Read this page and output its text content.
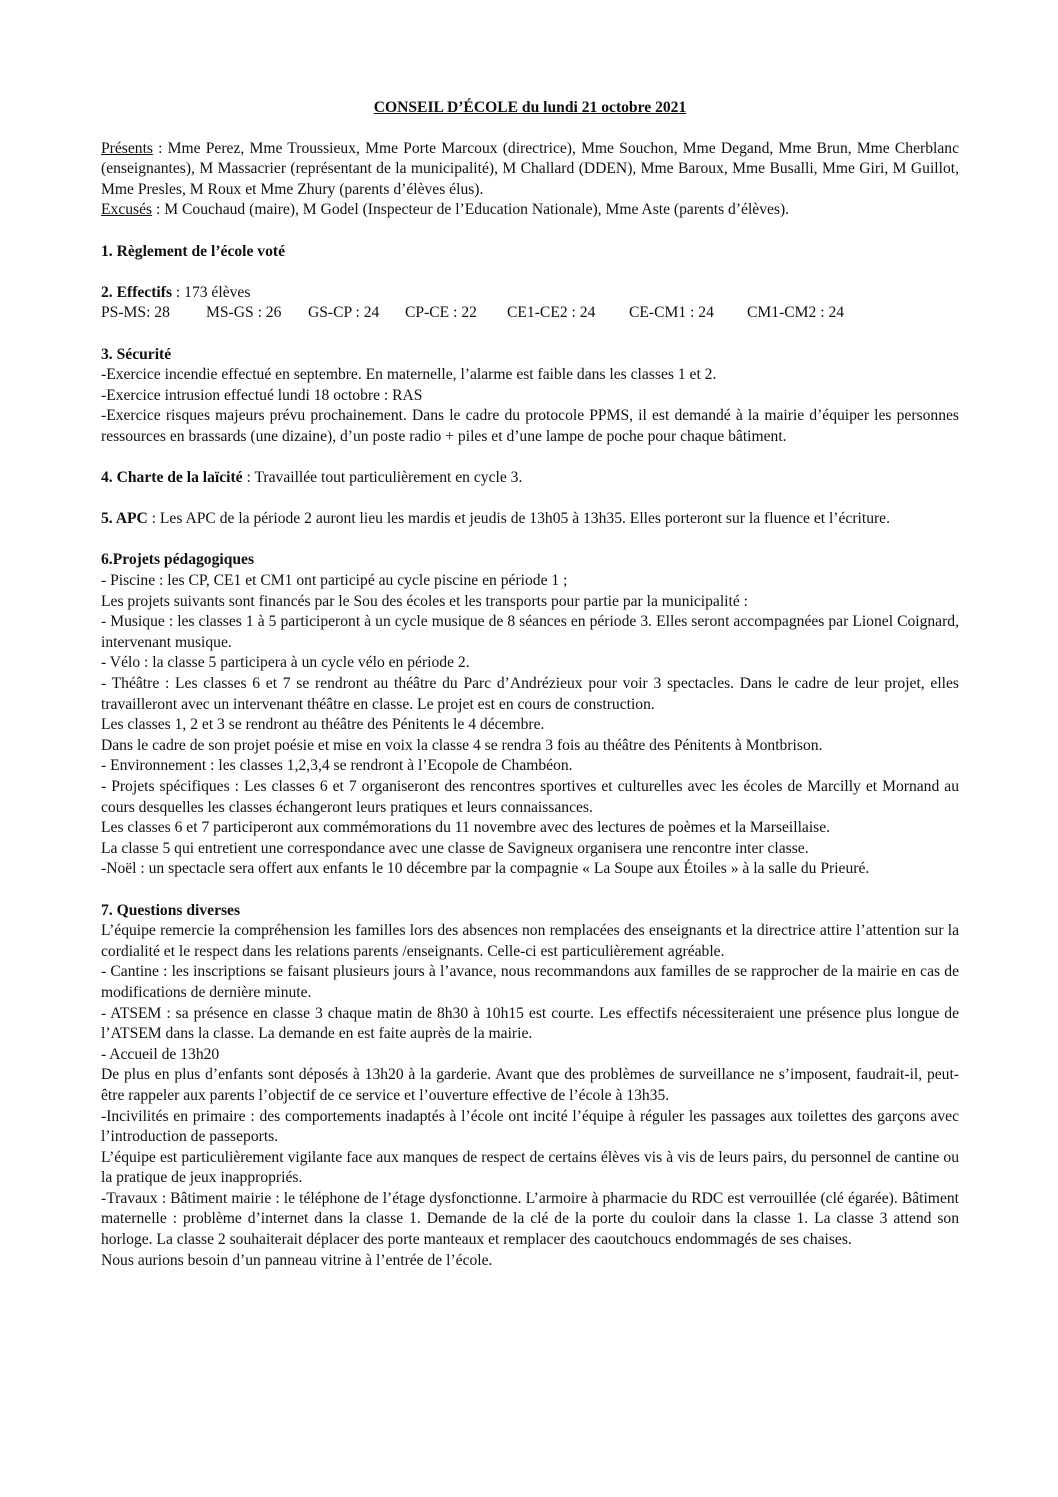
CONSEIL D’ÉCOLE du lundi 21 octobre 2021
Présents : Mme Perez, Mme Troussieux, Mme Porte Marcoux (directrice), Mme Souchon, Mme Degand, Mme Brun, Mme Cherblanc (enseignantes), M Massacrier (représentant de la municipalité), M Challard (DDEN), Mme Baroux, Mme Busalli, Mme Giri, M Guillot, Mme Presles, M Roux et Mme Zhury (parents d’élèves élus).
Excusés : M Couchaud (maire), M Godel (Inspecteur de l’Education Nationale), Mme Aste (parents d’élèves).
1. Règlement de l’école voté
2. Effectifs : 173 élèves
PS-MS: 28	MS-GS : 26	GS-CP : 24	CP-CE : 22	CE1-CE2 : 24	CE-CM1 : 24	CM1-CM2 : 24
3. Sécurité
-Exercice incendie effectué en septembre. En maternelle, l’alarme est faible dans les classes 1 et 2.
-Exercice intrusion effectué lundi 18 octobre : RAS
-Exercice risques majeurs prévu prochainement. Dans le cadre du protocole PPMS, il est demandé à la mairie d’équiper les personnes ressources en brassards (une dizaine), d’un poste radio + piles et d’une lampe de poche pour chaque bâtiment.
4. Charte de la laïcité : Travaillée tout particulièrement en cycle 3.
5. APC : Les APC de la période 2 auront lieu les mardis et jeudis de 13h05 à 13h35. Elles porteront sur la fluence et l’écriture.
6.Projets pédagogiques
- Piscine : les CP, CE1 et CM1 ont participé au cycle piscine en période 1 ;
Les projets suivants sont financés par le Sou des écoles et les transports pour partie par la municipalité :
- Musique : les classes 1 à 5 participeront à un cycle musique de 8 séances en période 3. Elles seront accompagnées par Lionel Coignard, intervenant musique.
- Vélo : la classe 5 participera à un cycle vélo en période 2.
- Théâtre : Les classes 6 et 7 se rendront au théâtre du Parc d’Andrézieux pour voir 3 spectacles. Dans le cadre de leur projet, elles travailleront avec un intervenant théâtre en classe. Le projet est en cours de construction.
Les classes 1, 2 et 3 se rendront au théâtre des Pénitents le 4 décembre.
Dans le cadre de son projet poésie et mise en voix la classe 4 se rendra 3 fois au théâtre des Pénitents à Montbrison.
- Environnement : les classes 1,2,3,4 se rendront à l’Ecopole de Chambéon.
- Projets spécifiques : Les classes 6 et 7 organiseront des rencontres sportives et culturelles avec les écoles de Marcilly et Mornand au cours desquelles les classes échangeront leurs pratiques et leurs connaissances.
Les classes 6 et 7 participeront aux commémorations du 11 novembre avec des lectures de poèmes et la Marseillaise.
La classe 5 qui entretient une correspondance avec une classe de Savigneux organisera une rencontre inter classe.
-Noël : un spectacle sera offert aux enfants le 10 décembre par la compagnie « La Soupe aux Étoiles » à la salle du Prieuré.
7. Questions diverses
L’équipe remercie la compréhension les familles lors des absences non remplacées des enseignants et la directrice attire l’attention sur la cordialité et le respect dans les relations parents /enseignants. Celle-ci est particulièrement agréable.
- Cantine : les inscriptions se faisant plusieurs jours à l’avance, nous recommandons aux familles de se rapprocher de la mairie en cas de modifications de dernière minute.
- ATSEM : sa présence en classe 3 chaque matin de 8h30 à 10h15 est courte. Les effectifs nécessiteraient une présence plus longue de l’ATSEM dans la classe. La demande en est faite auprès de la mairie.
- Accueil de 13h20
De plus en plus d’enfants sont déposés à 13h20 à la garderie. Avant que des problèmes de surveillance ne s’imposent, faudrait-il, peut-être rappeler aux parents l’objectif de ce service et l’ouverture effective de l’école à 13h35.
-Incivilités en primaire : des comportements inadaptés à l’école ont incité l’équipe à réguler les passages aux toilettes des garçons avec l’introduction de passeports.
L’équipe est particulièrement vigilante face aux manques de respect de certains élèves vis à vis de leurs pairs, du personnel de cantine ou la pratique de jeux inappropriés.
-Travaux : Bâtiment mairie : le téléphone de l’étage dysfonctionne. L’armoire à pharmacie du RDC est verrouillée (clé égarée). Bâtiment maternelle : problème d’internet dans la classe 1. Demande de la clé de la porte du couloir dans la classe 1. La classe 3 attend son horloge. La classe 2 souhaiterait déplacer des porte manteaux et remplacer des caoutchoucs endommagés de ses chaises.
Nous aurions besoin d’un panneau vitrine à l’entrée de l’école.
